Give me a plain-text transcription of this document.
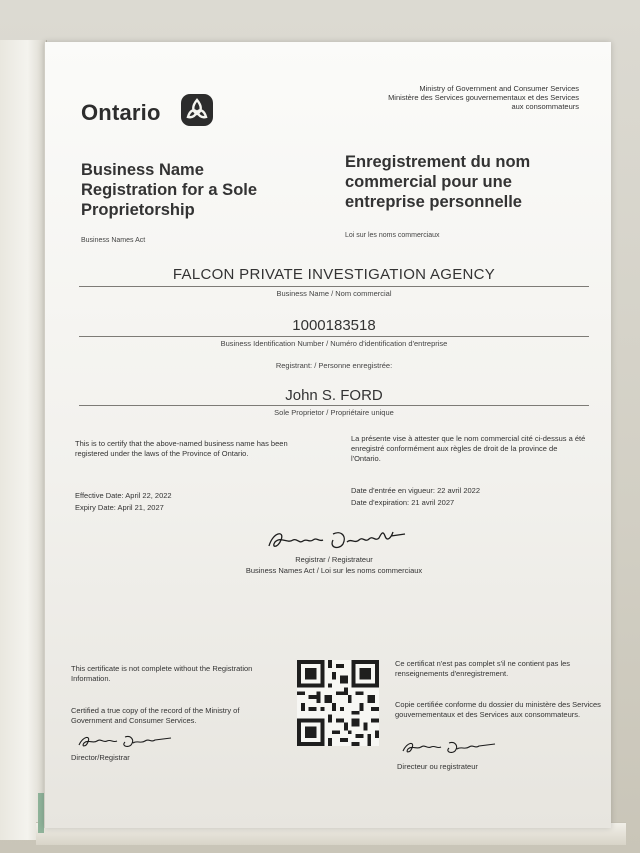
Ontario
Ministry of Government and Consumer Services
Ministère des Services gouvernementaux et des Services aux consommateurs
Business Name Registration for a Sole Proprietorship
Enregistrement du nom commercial pour une entreprise personnelle
Business Names Act
Loi sur les noms commerciaux
FALCON PRIVATE INVESTIGATION AGENCY
Business Name / Nom commercial
1000183518
Business Identification Number / Numéro d'identification d'entreprise
Registrant: / Personne enregistrée:
John S. FORD
Sole Proprietor / Propriétaire unique
This is to certify that the above-named business name has been registered under the laws of the Province of Ontario.
La présente vise à attester que le nom commercial cité ci-dessus a été enregistré conformément aux règles de droit de la province de l'Ontario.
Effective Date: April 22, 2022
Expiry Date: April 21, 2027
Date d'entrée en vigueur: 22 avril 2022
Date d'expiration: 21 avril 2027
Registrar / Registrateur
Business Names Act / Loi sur les noms commerciaux
This certificate is not complete without the Registration Information.
Ce certificat n'est pas complet s'il ne contient pas les renseignements d'enregistrement.
Certified a true copy of the record of the Ministry of Government and Consumer Services.
Copie certifiée conforme du dossier du ministère des Services gouvernementaux et des Services aux consommateurs.
Director/Registrar
Directeur ou registrateur
